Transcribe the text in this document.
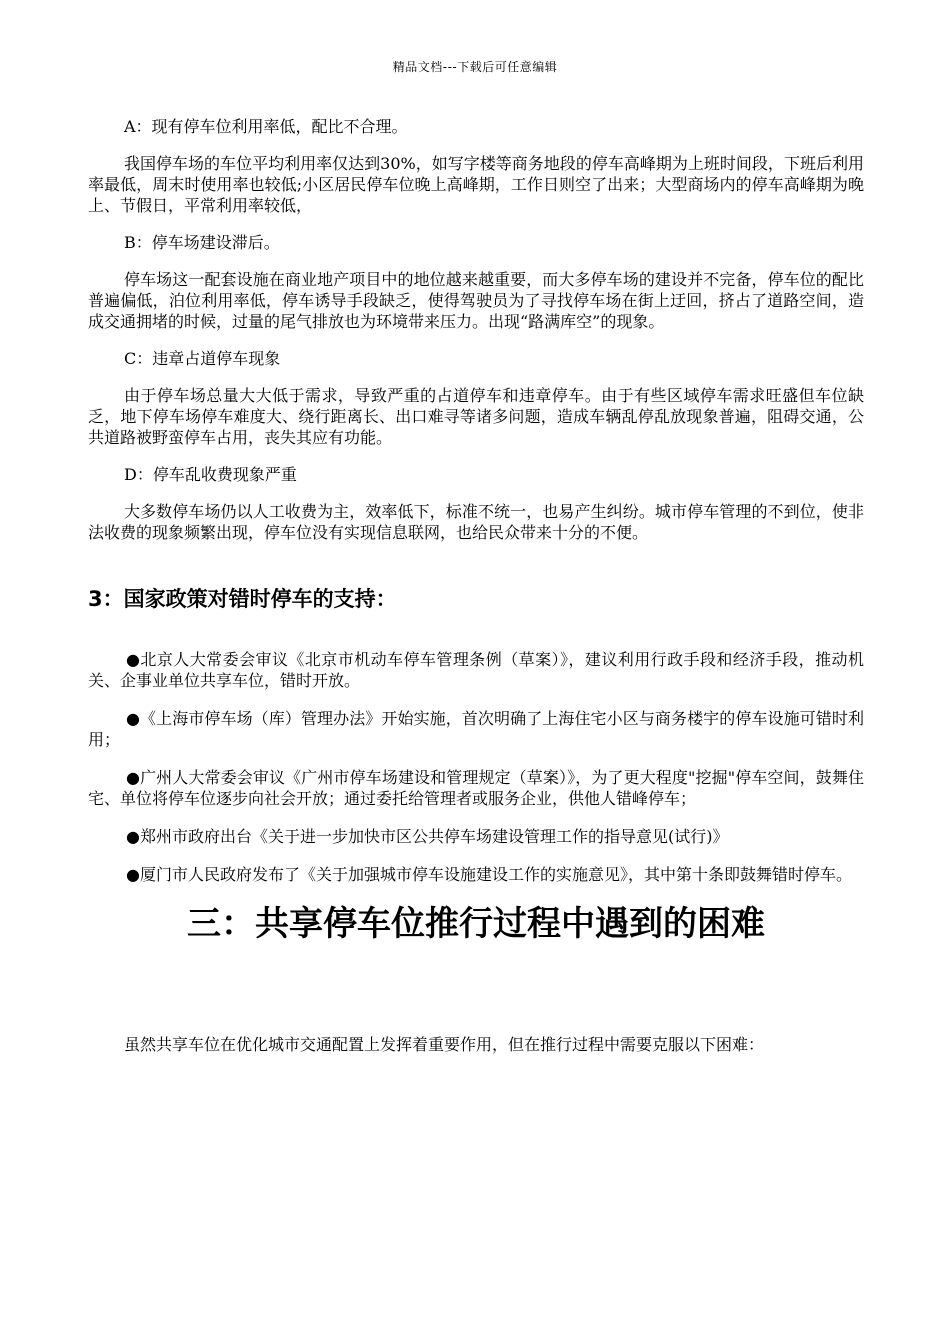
精品文档---下载后可任意编辑

A：现有停车位利用率低，配比不合理。

我国停车场的车位平均利用率仅达到30%，如写字楼等商务地段的停车高峰期为上班时间段，下班后利用率最低，周末时使用率也较低;小区居民停车位晚上高峰期，工作日则空了出来；大型商场内的停车高峰期为晚上、节假日，平常利用率较低，

B：停车场建设滞后。

停车场这一配套设施在商业地产项目中的地位越来越重要，而大多停车场的建设并不完备，停车位的配比普遍偏低，泊位利用率低，停车诱导手段缺乏，使得驾驶员为了寻找停车场在街上迂回，挤占了道路空间，造成交通拥堵的时候，过量的尾气排放也为环境带来压力。出现“路满库空”的现象。

C：违章占道停车现象

由于停车场总量大大低于需求，导致严重的占道停车和违章停车。由于有些区域停车需求旺盛但车位缺乏，地下停车场停车难度大、绕行距离长、出口难寻等诸多问题，造成车辆乱停乱放现象普遍，阻碍交通，公共道路被野蛮停车占用，丧失其应有功能。

D：停车乱收费现象严重

大多数停车场仍以人工收费为主，效率低下，标准不统一，也易产生纠纷。城市停车管理的不到位，使非法收费的现象频繁出现，停车位没有实现信息联网，也给民众带来十分的不便。

3：国家政策对错时停车的支持：

●北京人大常委会审议《北京市机动车停车管理条例（草案）》，建议利用行政手段和经济手段，推动机关、企事业单位共享车位，错时开放。

●《上海市停车场（库）管理办法》开始实施，首次明确了上海住宅小区与商务楼宇的停车设施可错时利用；

●广州人大常委会审议《广州市停车场建设和管理规定（草案）》，为了更大程度"挖掘"停车空间，鼓舞住宅、单位将停车位逐步向社会开放；通过委托给管理者或服务企业，供他人错峰停车；

●郑州市政府出台《关于进一步加快市区公共停车场建设管理工作的指导意见(试行)》

●厦门市人民政府发布了《关于加强城市停车设施建设工作的实施意见》，其中第十条即鼓舞错时停车。

三：共享停车位推行过程中遇到的困难

虽然共享车位在优化城市交通配置上发挥着重要作用，但在推行过程中需要克服以下困难：
